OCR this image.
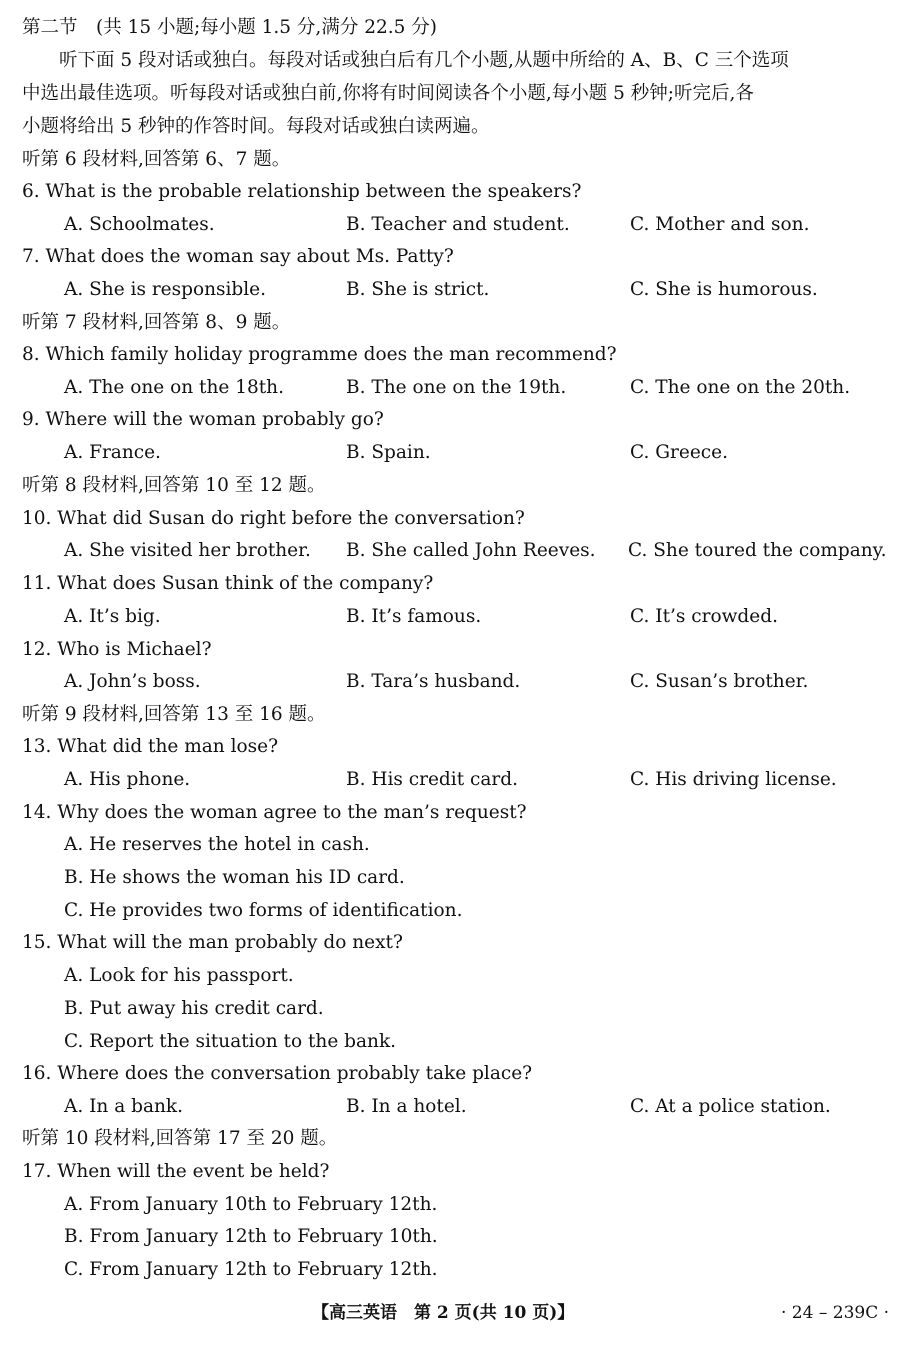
第二节　(共 15 小题;每小题 1.5 分,满分 22.5 分)
　　听下面 5 段对话或独白。每段对话或独白后有几个小题,从题中所给的 A、B、C 三个选项
中选出最佳选项。听每段对话或独白前,你将有时间阅读各个小题,每小题 5 秒钟;听完后,各
小题将给出 5 秒钟的作答时间。每段对话或独白读两遍。
听第 6 段材料,回答第 6、7 题。
6. What is the probable relationship between the speakers?
A. Schoolmates.	B. Teacher and student.	C. Mother and son.
7. What does the woman say about Ms. Patty?
A. She is responsible.	B. She is strict.	C. She is humorous.
听第 7 段材料,回答第 8、9 题。
8. Which family holiday programme does the man recommend?
A. The one on the 18th.	B. The one on the 19th.	C. The one on the 20th.
9. Where will the woman probably go?
A. France.	B. Spain.	C. Greece.
听第 8 段材料,回答第 10 至 12 题。
10. What did Susan do right before the conversation?
A. She visited her brother. B. She called John Reeves. C. She toured the company.
11. What does Susan think of the company?
A. It’s big.	B. It’s famous.	C. It’s crowded.
12. Who is Michael?
A. John’s boss.	B. Tara’s husband.	C. Susan’s brother.
听第 9 段材料,回答第 13 至 16 题。
13. What did the man lose?
A. His phone.	B. His credit card.	C. His driving license.
14. Why does the woman agree to the man’s request?
A. He reserves the hotel in cash.
B. He shows the woman his ID card.
C. He provides two forms of identification.
15. What will the man probably do next?
A. Look for his passport.
B. Put away his credit card.
C. Report the situation to the bank.
16. Where does the conversation probably take place?
A. In a bank.	B. In a hotel.	C. At a police station.
听第 10 段材料,回答第 17 至 20 题。
17. When will the event be held?
A. From January 10th to February 12th.
B. From January 12th to February 10th.
C. From January 12th to February 12th.
【高三英语　第 2 页(共 10 页)】	· 24 – 239C ·
